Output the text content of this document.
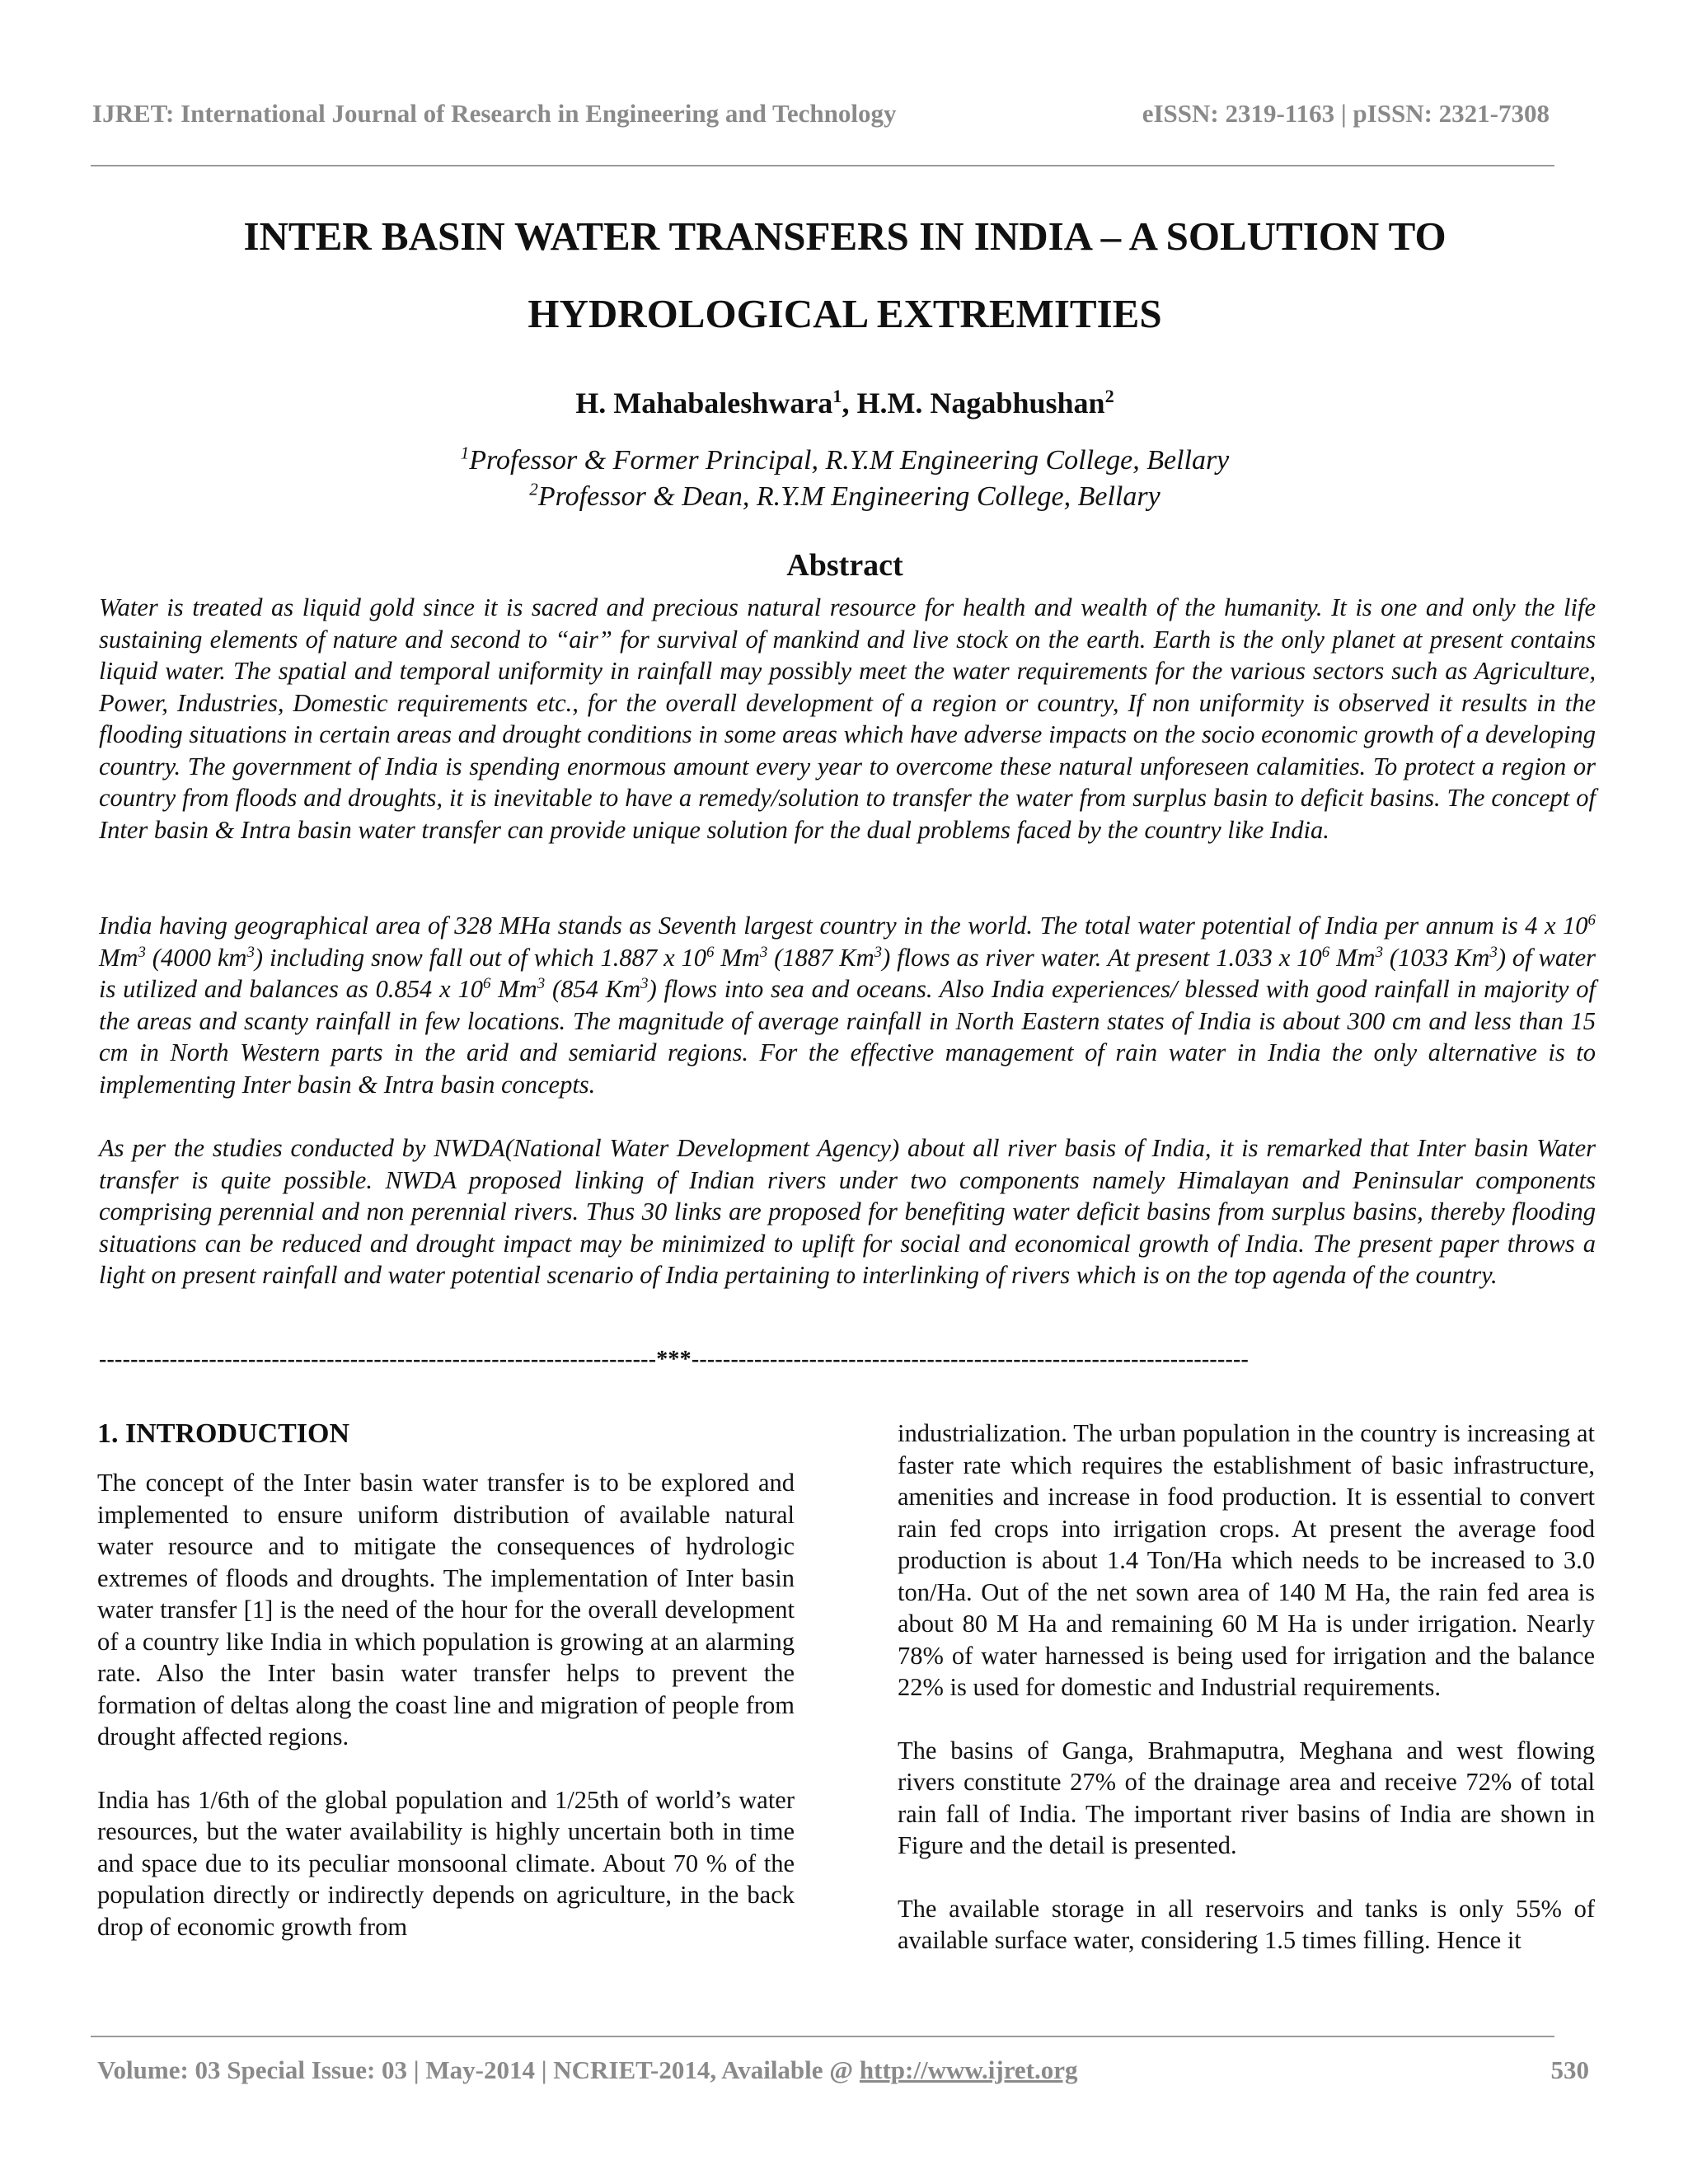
IJRET: International Journal of Research in Engineering and Technology	eISSN: 2319-1163 | pISSN: 2321-7308
INTER BASIN WATER TRANSFERS IN INDIA – A SOLUTION TO
HYDROLOGICAL EXTREMITIES
H. Mahabaleshwara$^1$, H.M. Nagabhushan$^2$
$^1$Professor & Former Principal, R.Y.M Engineering College, Bellary
$^2$Professor & Dean, R.Y.M Engineering College, Bellary
Abstract

Water is treated as liquid gold since it is sacred and precious natural resource for health and wealth of the humanity. It is one and only the life sustaining elements of nature and second to “air” for survival of mankind and live stock on the earth. Earth is the only planet at present contains liquid water. The spatial and temporal uniformity in rainfall may possibly meet the water requirements for the various sectors such as Agriculture, Power, Industries, Domestic requirements etc., for the overall development of a region or country, If non uniformity is observed it results in the flooding situations in certain areas and drought conditions in some areas which have adverse impacts on the socio economic growth of a developing country. The government of India is spending enormous amount every year to overcome these natural unforeseen calamities. To protect a region or country from floods and droughts, it is inevitable to have a remedy/solution to transfer the water from surplus basin to deficit basins. The concept of Inter basin & Intra basin water transfer can provide unique solution for the dual problems faced by the country like India.

India having geographical area of 328 MHa stands as Seventh largest country in the world. The total water potential of India per annum is 4 x $10^6$ Mm$^3$ (4000 $km^3$) including snow fall out of which 1.887 x $10^6$ Mm$^3$ (1887 Km$^3$) flows as river water. At present 1.033 x $10^6$ Mm$^3$ (1033 Km$^3$) of water is utilized and balances as 0.854 x $10^6$ Mm$^3$ (854 Km$^3$) flows into sea and oceans. Also India experiences/ blessed with good rainfall in majority of the areas and scanty rainfall in few locations. The magnitude of average rainfall in North Eastern states of India is about 300 cm and less than 15 cm in North Western parts in the arid and semiarid regions. For the effective management of rain water in India the only alternative is to implementing Inter basin & Intra basin concepts.

As per the studies conducted by NWDA(National Water Development Agency) about all river basis of India, it is remarked that Inter basin Water transfer is quite possible. NWDA proposed linking of Indian rivers under two components namely Himalayan and Peninsular components comprising perennial and non perennial rivers. Thus 30 links are proposed for benefiting water deficit basins from surplus basins, thereby flooding situations can be reduced and drought impact may be minimized to uplift for social and economical growth of India. The present paper throws a light on present rainfall and water potential scenario of India pertaining to interlinking of rivers which is on the top agenda of the country.

-----------------------------------------------------------------------***-----------------------------------------------------------------------
1. INTRODUCTION

The concept of the Inter basin water transfer is to be explored and implemented to ensure uniform distribution of available natural water resource and to mitigate the consequences of hydrologic extremes of floods and droughts. The implementation of Inter basin water transfer [1] is the need of the hour for the overall development of a country like India in which population is growing at an alarming rate. Also the Inter basin water transfer helps to prevent the formation of deltas along the coast line and migration of people from drought affected regions.

India has 1/6th of the global population and 1/25th of world’s water resources, but the water availability is highly uncertain both in time and space due to its peculiar monsoonal climate. About 70 % of the population directly or indirectly depends on agriculture, in the back drop of economic growth from

industrialization. The urban population in the country is increasing at faster rate which requires the establishment of basic infrastructure, amenities and increase in food production. It is essential to convert rain fed crops into irrigation crops. At present the average food production is about 1.4 Ton/Ha which needs to be increased to 3.0 ton/Ha. Out of the net sown area of 140 M Ha, the rain fed area is about 80 M Ha and remaining 60 M Ha is under irrigation. Nearly 78% of water harnessed is being used for irrigation and the balance 22% is used for domestic and Industrial requirements.

The basins of Ganga, Brahmaputra, Meghana and west flowing rivers constitute 27% of the drainage area and receive 72% of total rain fall of India. The important river basins of India are shown in Figure and the detail is presented.

The available storage in all reservoirs and tanks is only 55% of available surface water, considering 1.5 times filling. Hence it

Volume: 03 Special Issue: 03 | May-2014 | NCRIET-2014, Available @ http://www.ijret.org	530
